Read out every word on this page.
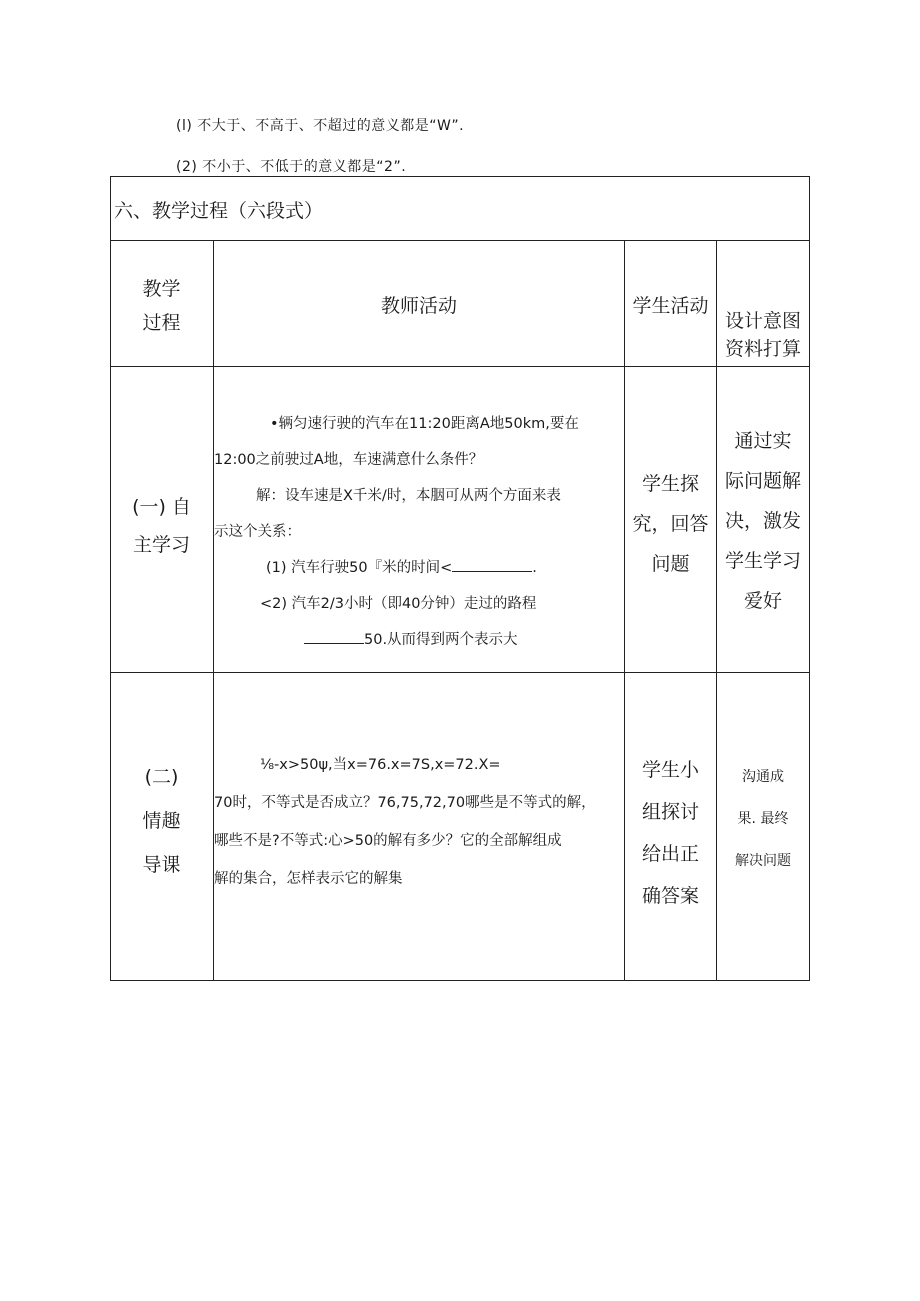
(l) 不大于、不高于、不超过的意义都是“W”.
(2) 不小于、不低于的意义都是“2”.
六、教学过程（六段式）
教学
过程
教师活动	学生活动
设计意图
资料打算
(一) 自
主学习
•辆匀速行驶的汽车在11:20距离A地50km,要在
12:00之前驶过A地，车速满意什么条件？
解：设车速是X千米/时，本胭可从两个方面来表
示这个关系：
(1) 汽车行驶50『米的时间<	.
<2) 汽车2/3小时（即40分钟）走过的路程
50.从而得到两个表示大
学生探
究，回答
问题
通过实
际问题解
决，激发
学生学习
爱好
(二)
情趣
导课
⅛-x>50ψ,当x=76.x=7S,x=72.X=
70时，不等式是否成立？76,75,72,70哪些是不等式的解，
哪些不是?不等式:心>50的解有多少？它的全部解组成
解的集合，怎样表示它的解集
学生小
组探讨
给出正
确答案
沟通成
果. 最终
解决问题
